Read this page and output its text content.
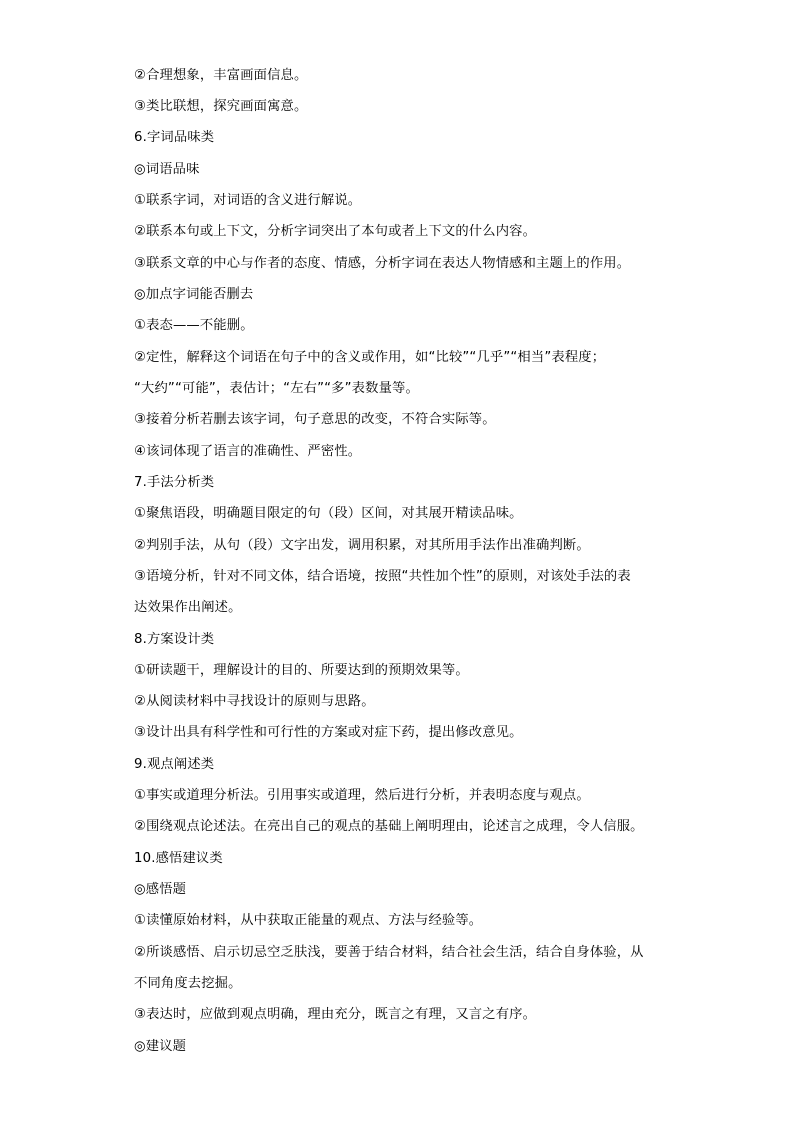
②合理想象，丰富画面信息。
③类比联想，探究画面寓意。
6.字词品味类
◎词语品味
①联系字词，对词语的含义进行解说。
②联系本句或上下文，分析字词突出了本句或者上下文的什么内容。
③联系文章的中心与作者的态度、情感，分析字词在表达人物情感和主题上的作用。
◎加点字词能否删去
①表态——不能删。
②定性，解释这个词语在句子中的含义或作用，如“比较”“几乎”“相当”表程度；
“大约”“可能”，表估计；“左右”“多”表数量等。
③接着分析若删去该字词，句子意思的改变，不符合实际等。
④该词体现了语言的准确性、严密性。
7.手法分析类
①聚焦语段，明确题目限定的句（段）区间，对其展开精读品味。
②判别手法，从句（段）文字出发，调用积累，对其所用手法作出准确判断。
③语境分析，针对不同文体，结合语境，按照“共性加个性”的原则，对该处手法的表
达效果作出阐述。
8.方案设计类
①研读题干，理解设计的目的、所要达到的预期效果等。
②从阅读材料中寻找设计的原则与思路。
③设计出具有科学性和可行性的方案或对症下药，提出修改意见。
9.观点阐述类
①事实或道理分析法。引用事实或道理，然后进行分析，并表明态度与观点。
②围绕观点论述法。在亮出自己的观点的基础上阐明理由，论述言之成理，令人信服。
10.感悟建议类
◎感悟题
①读懂原始材料，从中获取正能量的观点、方法与经验等。
②所谈感悟、启示切忌空乏肤浅，要善于结合材料，结合社会生活，结合自身体验，从
不同角度去挖掘。
③表达时，应做到观点明确，理由充分，既言之有理，又言之有序。
◎建议题
